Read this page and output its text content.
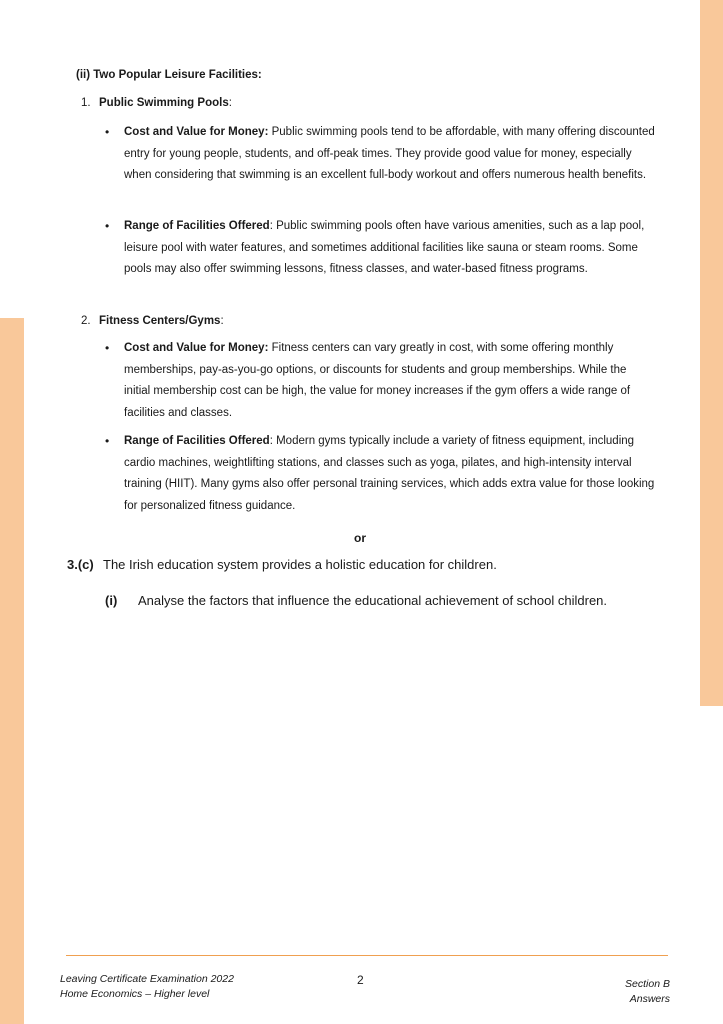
(ii) Two Popular Leisure Facilities:
1. Public Swimming Pools:
• Cost and Value for Money: Public swimming pools tend to be affordable, with many offering discounted entry for young people, students, and off-peak times. They provide good value for money, especially when considering that swimming is an excellent full-body workout and offers numerous health benefits.
• Range of Facilities Offered: Public swimming pools often have various amenities, such as a lap pool, leisure pool with water features, and sometimes additional facilities like sauna or steam rooms. Some pools may also offer swimming lessons, fitness classes, and water-based fitness programs.
2. Fitness Centers/Gyms:
• Cost and Value for Money: Fitness centers can vary greatly in cost, with some offering monthly memberships, pay-as-you-go options, or discounts for students and group memberships. While the initial membership cost can be high, the value for money increases if the gym offers a wide range of facilities and classes.
• Range of Facilities Offered: Modern gyms typically include a variety of fitness equipment, including cardio machines, weightlifting stations, and classes such as yoga, pilates, and high-intensity interval training (HIIT). Many gyms also offer personal training services, which adds extra value for those looking for personalized fitness guidance.
or
3.(c) The Irish education system provides a holistic education for children.
(i) Analyse the factors that influence the educational achievement of school children.
Leaving Certificate Examination 2022
Home Economics – Higher level
2	Section B
Answers
